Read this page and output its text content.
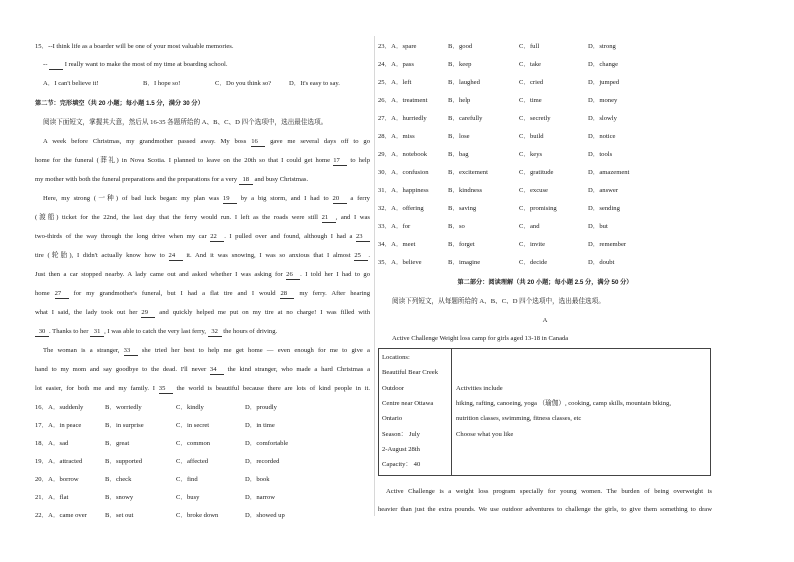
15．--I think life as a boarder will be one of your most valuable memories.
--   I really want to make the most of my time at boarding school.
A．I can't believe it!	B．I hope so!	C．Do you think so?	D．It's easy to say.
第二节：完形填空（共 20 小题；每小题 1.5 分，满分 30 分）
阅读下面短文，掌握其大意，然后从 16-35 各题所给的 A、B、C、D 四个选项中，选出最佳选项。
A week before Christmas, my grandmother passed away. My boss 16 gave me several days off to go
home for the funeral (葬礼) in Nova Scotia. I planned to leave on the 20th so that I could get home 17 to help
my mother with both the funeral preparations and the preparations for a very 18 and busy Christmas.
Here, my strong (一种) of bad luck began: my plan was 19 by a big storm, and I had to 20 a ferry
(渡船) ticket for the 22nd, the last day that the ferry would run. I left as the roads were still 21 , and I was
two-thirds of the way through the long drive when my car 22 . I pulled over and found, although I had a 23
tire (轮胎), I didn't actually know how to 24 it. And it was snowing, I was so anxious that I almost 25 .
Just then a car stopped nearby. A lady came out and asked whether I was asking for 26 . I told her I had to go
home 27 for my grandmother's funeral, but I had a flat tire and I would 28 my ferry. After hearing
what I said, the lady took out her 29 and quickly helped me put on my tire at no charge! I was filled with
30 . Thanks to her 31 , I was able to catch the very last ferry, 32 the hours of driving.
The woman is a stranger, 33 she tried her best to help me get home — even enough for me to give a
hand to my mom and say goodbye to the dead. I'll never 34 the kind stranger, who made a hard Christmas a
lot easier, for both me and my family. I 35 the world is beautiful because there are lots of kind people in it.
16．A．suddenly	B．worriedly	C．kindly	D．proudly
17．A．in peace	B．in surprise	C．in secret	D．in time
18．A．sad	B．great	C．common	D．comfortable
19．A．attracted	B．supported	C．affected	D．recorded
20．A．borrow	B．check	C．find	D．book
21．A．flat	B．snowy	C．busy	D．narrow
22．A．came over	B．set out	C．broke down	D．showed up
23．A．spare	B．good	C．full	D．strong
24．A．pass	B．keep	C．take	D．change
25．A．left	B．laughed	C．cried	D．jumped
26．A．treatment	B．help	C．time	D．money
27．A．hurriedly	B．carefully	C．secretly	D．slowly
28．A．miss	B．lose	C．build	D．notice
29．A．notebook	B．bag	C．keys	D．tools
30．A．confusion	B．excitement	C．gratitude	D．amazement
31．A．happiness	B．kindness	C．excuse	D．answer
32．A．offering	B．saving	C．promising	D．sending
33．A．for	B．so	C．and	D．but
34．A．meet	B．forget	C．invite	D．remember
35．A．believe	B．imagine	C．decide	D．doubt
第二部分：阅读理解（共 20 小题；每小题 2.5 分，满分 50 分）
阅读下列短文，从每题所给的 A、B、C、D 四个选项中，选出最佳选项。
A
Active Challenge Weight loss camp for girls aged 13-18 in Canada
Locations:
Beautiful Bear Creek
Outdoor
Centre near Ottawa
Ontario
Season： July
2-August 28th
Capacity： 40
Activities include
hiking, rafting, canoeing, yoga （瑜伽）, cooking, camp skills, mountain biking,
nutrition classes, swimming, fitness classes, etc
Choose what you like
Active Challenge is a weight loss program specially for young women. The burden of being overweight is
heavier than just the extra pounds. We use outdoor adventures to challenge the girls, to give them something to draw
